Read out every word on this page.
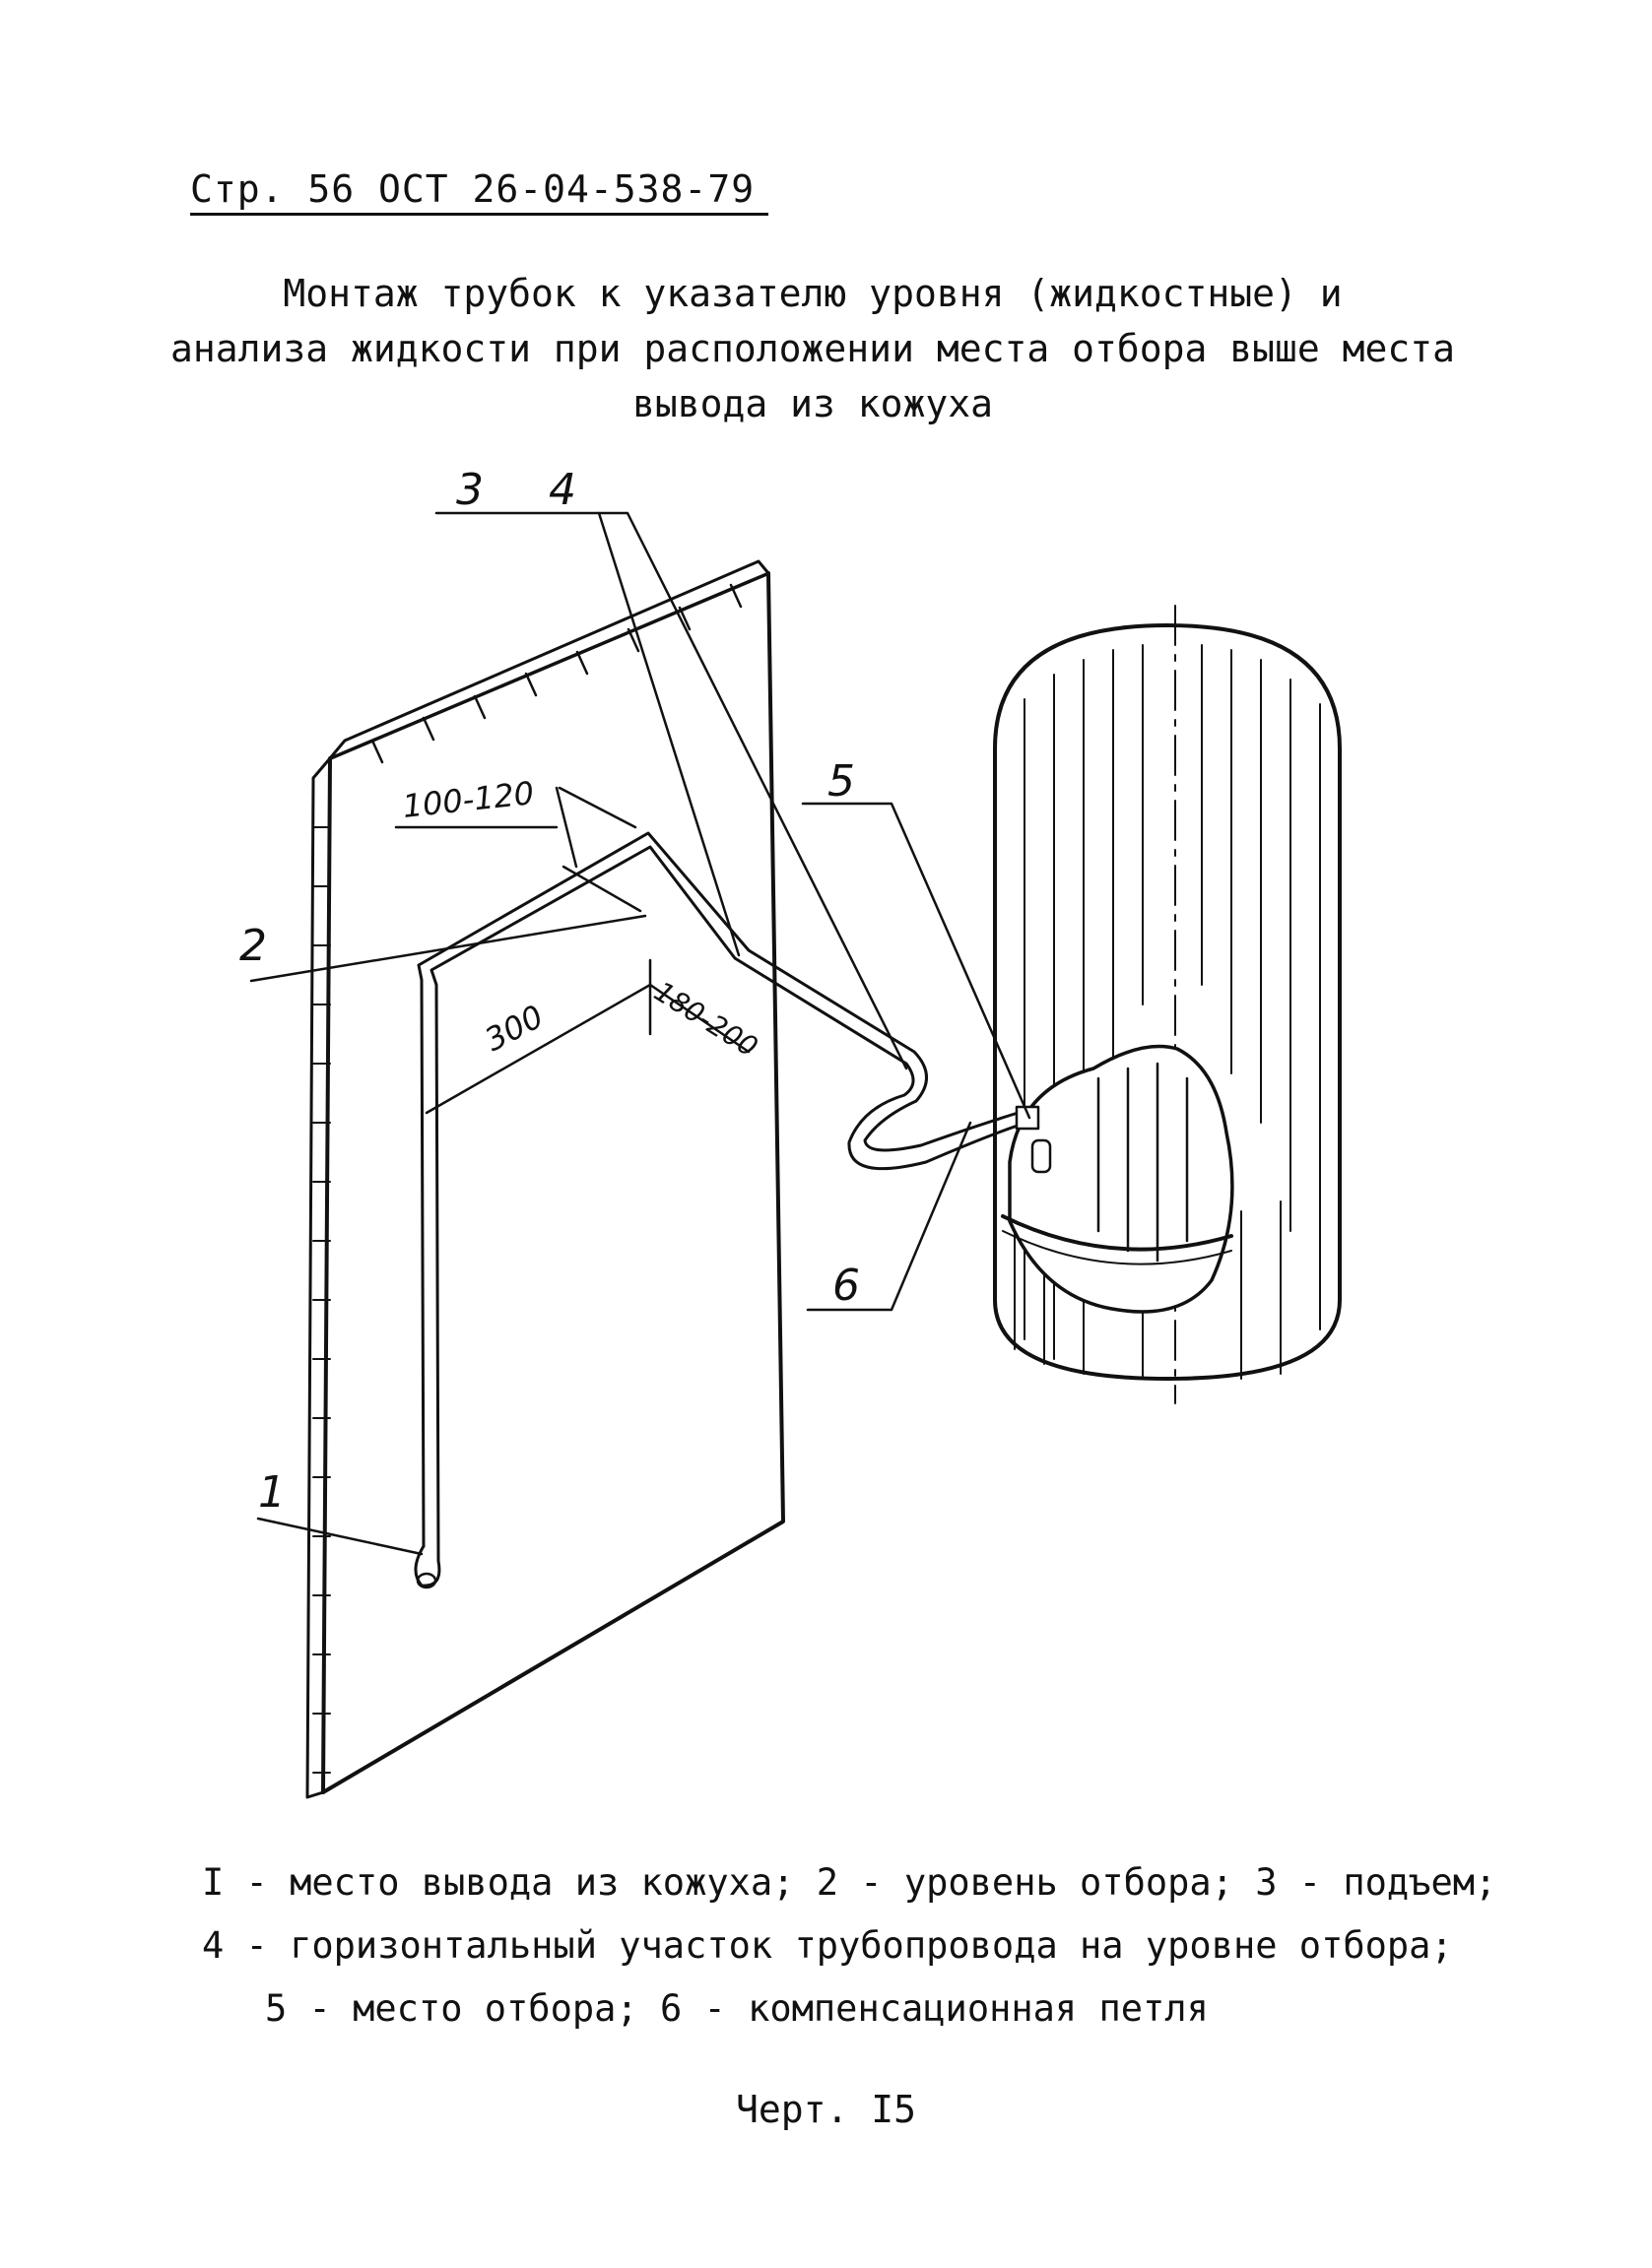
Стр. 56 ОСТ 26-04-538-79
Монтаж трубок к указателю уровня (жидкостные) и
анализа жидкости при расположении места отбора выше места
вывода из кожуха
1
2
3 4
5
6
100-120
300	180-200
I - место вывода из кожуха; 2 - уровень отбора; 3 - подъем;
4 - горизонтальный участок трубопровода на уровне отбора;
5 - место отбора; 6 - компенсационная петля
Черт. I5
